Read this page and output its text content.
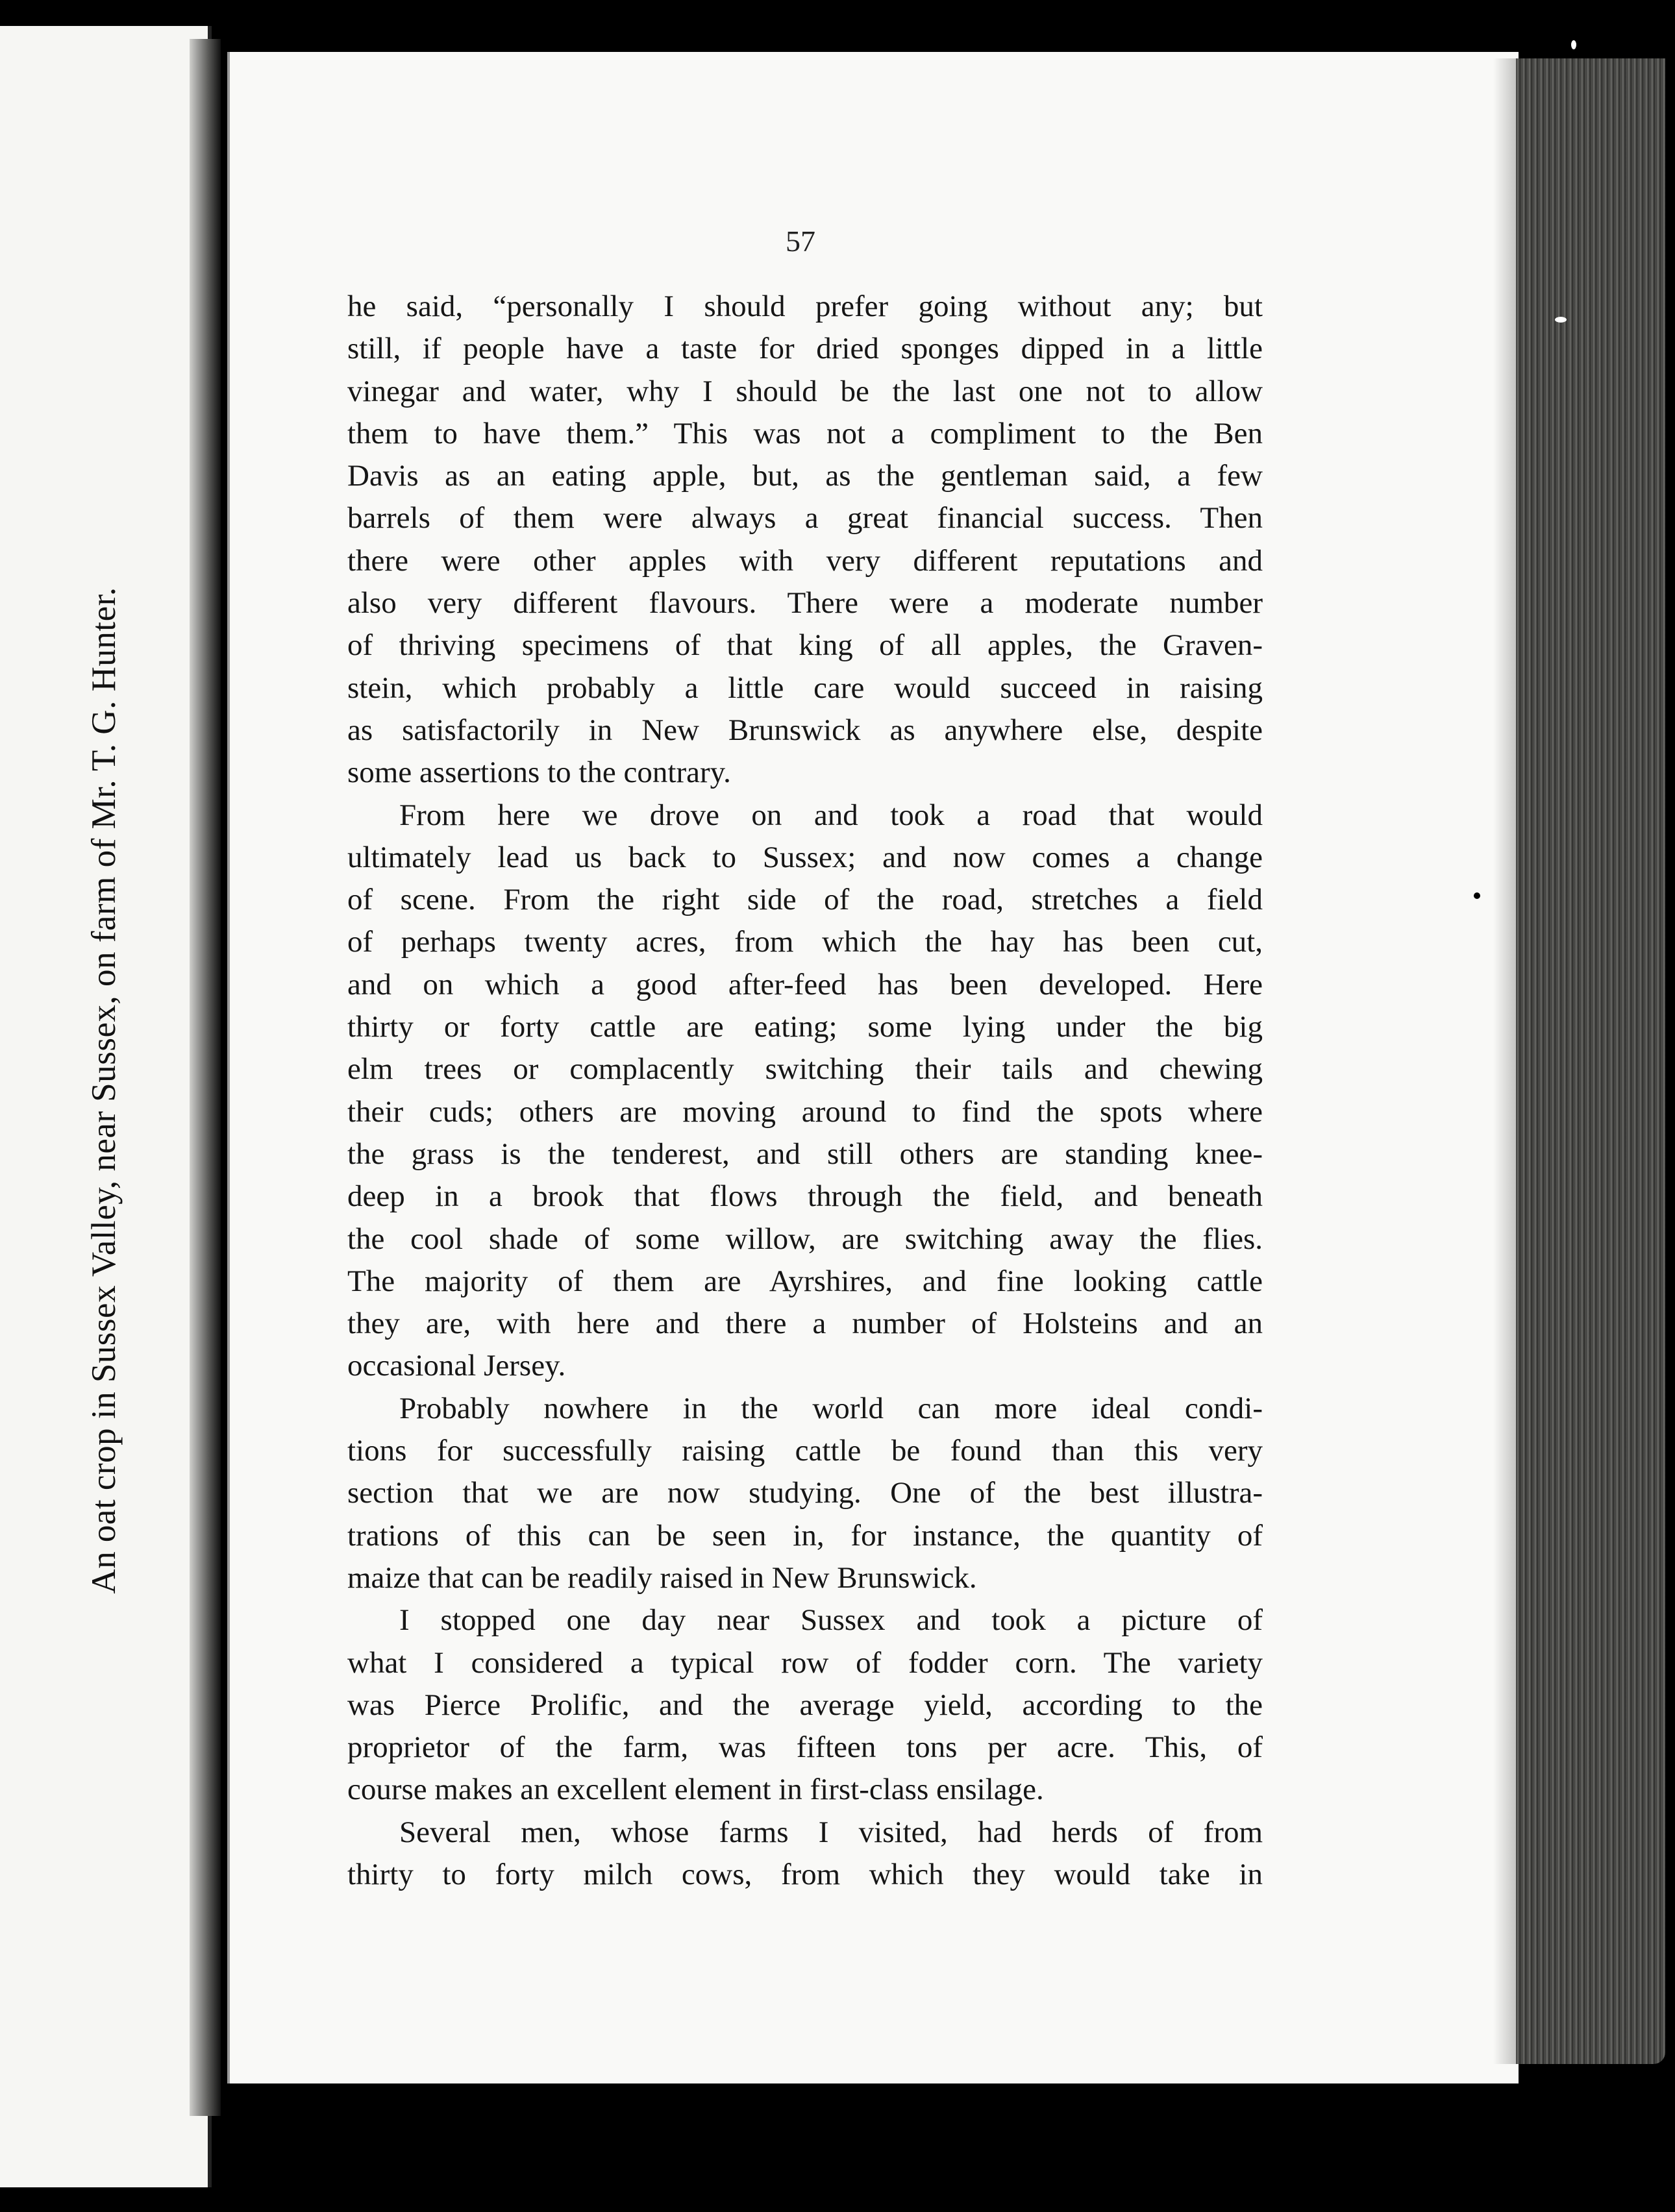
An oat crop in Sussex Valley, near Sussex, on farm of Mr. T. G. Hunter.
57
he said, “personally I should prefer going without any; but
still, if people have a taste for dried sponges dipped in a little
vinegar and water, why I should be the last one not to allow
them to have them.” This was not a compliment to the Ben
Davis as an eating apple, but, as the gentleman said, a few
barrels of them were always a great financial success. Then
there were other apples with very different reputations and
also very different flavours. There were a moderate number
of thriving specimens of that king of all apples, the Graven-
stein, which probably a little care would succeed in raising
as satisfactorily in New Brunswick as anywhere else, despite
some assertions to the contrary.
From here we drove on and took a road that would
ultimately lead us back to Sussex; and now comes a change
of scene. From the right side of the road, stretches a field
of perhaps twenty acres, from which the hay has been cut,
and on which a good after-feed has been developed. Here
thirty or forty cattle are eating; some lying under the big
elm trees or complacently switching their tails and chewing
their cuds; others are moving around to find the spots where
the grass is the tenderest, and still others are standing knee-
deep in a brook that flows through the field, and beneath
the cool shade of some willow, are switching away the flies.
The majority of them are Ayrshires, and fine looking cattle
they are, with here and there a number of Holsteins and an
occasional Jersey.
Probably nowhere in the world can more ideal condi-
tions for successfully raising cattle be found than this very
section that we are now studying. One of the best illustra-
trations of this can be seen in, for instance, the quantity of
maize that can be readily raised in New Brunswick.
I stopped one day near Sussex and took a picture of
what I considered a typical row of fodder corn. The variety
was Pierce Prolific, and the average yield, according to the
proprietor of the farm, was fifteen tons per acre. This, of
course makes an excellent element in first-class ensilage.
Several men, whose farms I visited, had herds of from
thirty to forty milch cows, from which they would take in
